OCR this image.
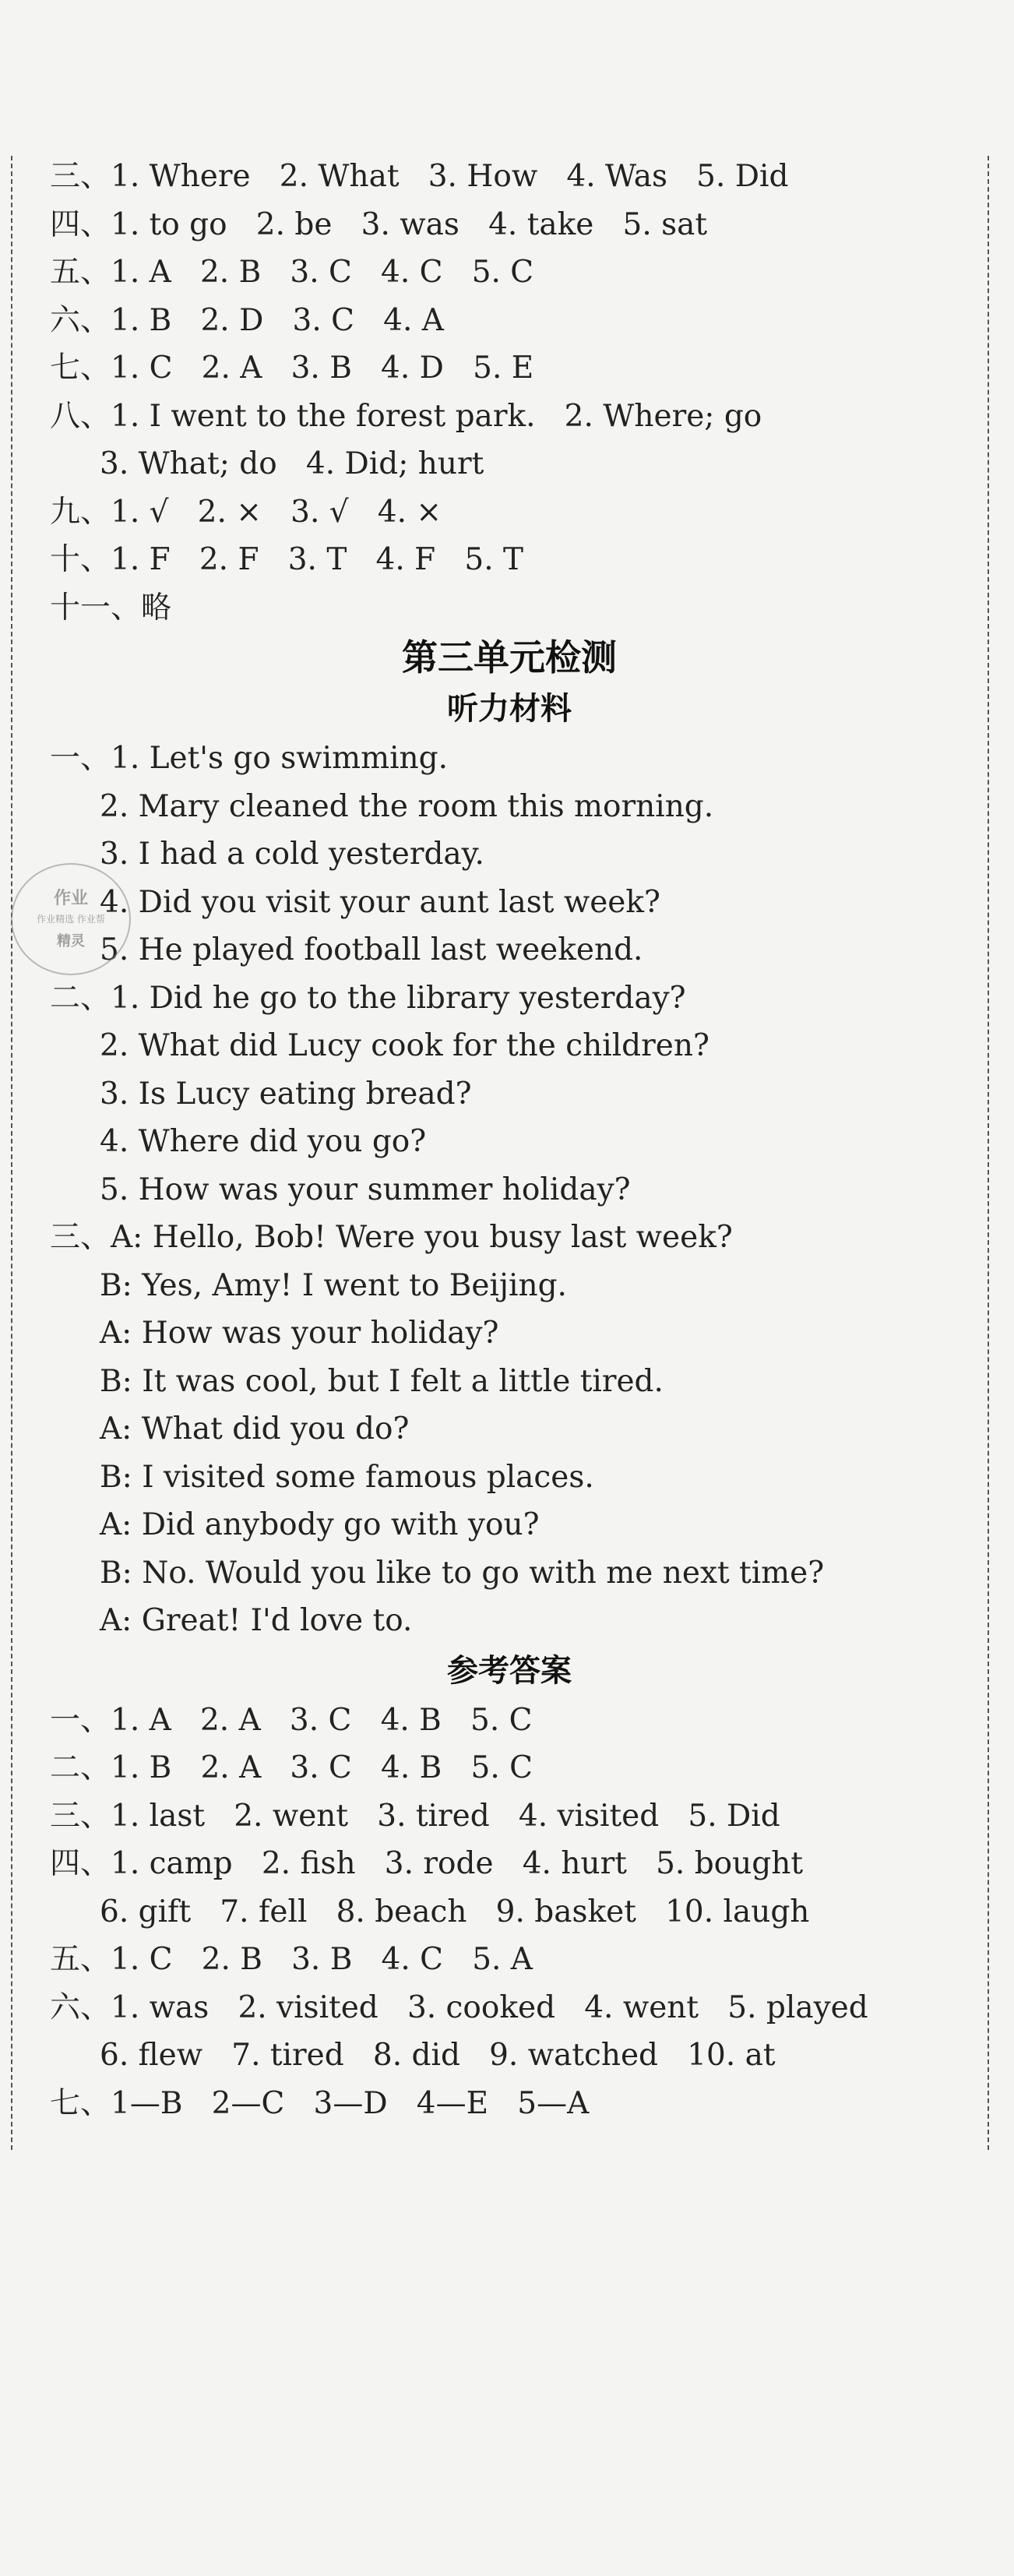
三、1. Where   2. What   3. How   4. Was   5. Did
四、1. to go   2. be   3. was   4. take   5. sat
五、1. A   2. B   3. C   4. C   5. C
六、1. B   2. D   3. C   4. A
七、1. C   2. A   3. B   4. D   5. E
八、1. I went to the forest park.   2. Where; go
3. What; do   4. Did; hurt
九、1. √   2. ×   3. √   4. ×
十、1. F   2. F   3. T   4. F   5. T
十一、略
第三单元检测
听力材料
一、1. Let's go swimming.
2. Mary cleaned the room this morning.
3. I had a cold yesterday.
4. Did you visit your aunt last week?
5. He played football last weekend.
二、1. Did he go to the library yesterday?
2. What did Lucy cook for the children?
3. Is Lucy eating bread?
4. Where did you go?
5. How was your summer holiday?
三、A: Hello, Bob! Were you busy last week?
B: Yes, Amy! I went to Beijing.
A: How was your holiday?
B: It was cool, but I felt a little tired.
A: What did you do?
B: I visited some famous places.
A: Did anybody go with you?
B: No. Would you like to go with me next time?
A: Great! I'd love to.
参考答案
一、1. A   2. A   3. C   4. B   5. C
二、1. B   2. A   3. C   4. B   5. C
三、1. last   2. went   3. tired   4. visited   5. Did
四、1. camp   2. fish   3. rode   4. hurt   5. bought
6. gift   7. fell   8. beach   9. basket   10. laugh
五、1. C   2. B   3. B   4. C   5. A
六、1. was   2. visited   3. cooked   4. went   5. played
6. flew   7. tired   8. did   9. watched   10. at
七、1—B   2—C   3—D   4—E   5—A
作业
作业精选 作业帮
精灵
